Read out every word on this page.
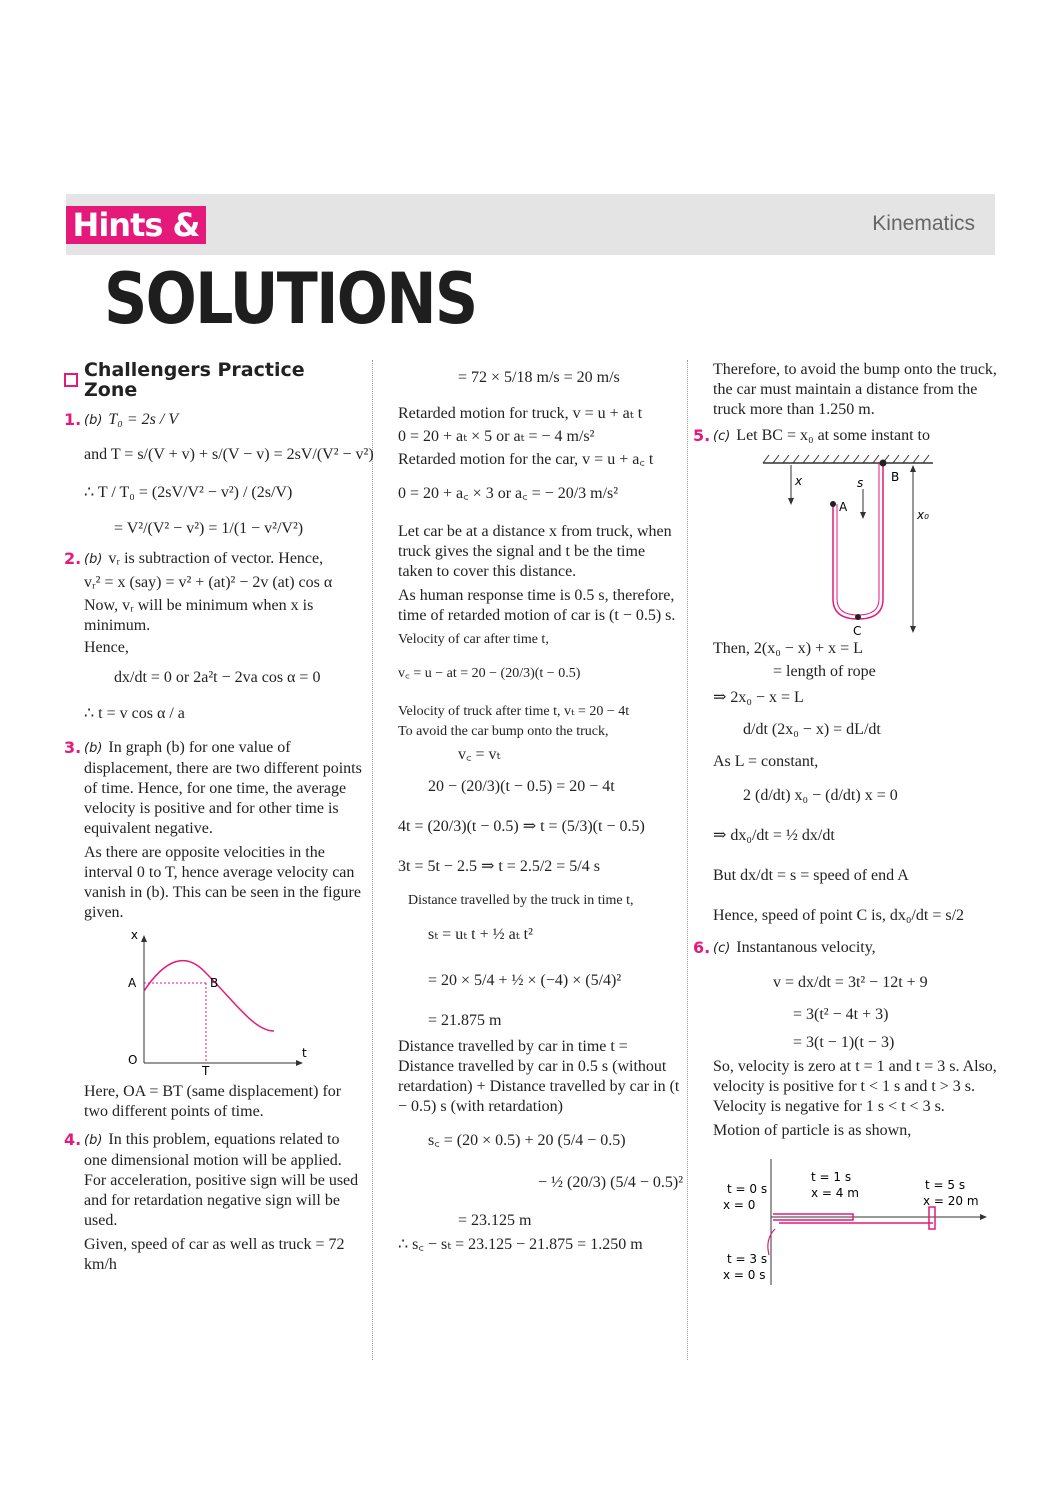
Hints &	Kinematics
SOLUTIONS
Challengers Practice Zone
1. (b) T₀ = 2s / V
and T = s/(V + v) + s/(V − v) = 2sV/(V² − v²)
∴ T / T₀ = (2sV/V² − v²) / (2s/V)
= V²/(V² − v²) = 1/(1 − v²/V²)
2. (b) vᵣ is subtraction of vector. Hence,
vᵣ² = x (say) = v² + (at)² − 2v (at) cos α
Now, vᵣ will be minimum when x is minimum.
Hence,
dx/dt = 0 or 2a²t − 2va cos α = 0
∴ t = v cos α / a
3. (b) In graph (b) for one value of displacement, there are two different points of time. Hence, for one time, the average velocity is positive and for other time is equivalent negative.
As there are opposite velocities in the interval 0 to T, hence average velocity can vanish in (b). This can be seen in the figure given.
x
t
A	B
O
T
Here, OA = BT (same displacement) for two different points of time.
4. (b) In this problem, equations related to one dimensional motion will be applied. For acceleration, positive sign will be used and for retardation negative sign will be used.
Given, speed of car as well as truck = 72 km/h
= 72 × 5/18 m/s = 20 m/s
Retarded motion for truck, v = u + aₜ t
0 = 20 + aₜ × 5 or aₜ = − 4 m/s²
Retarded motion for the car, v = u + a꜀ t
0 = 20 + a꜀ × 3 or a꜀ = − 20/3 m/s²
Let car be at a distance x from truck, when truck gives the signal and t be the time taken to cover this distance.
As human response time is 0.5 s, therefore, time of retarded motion of car is (t − 0.5) s.
Velocity of car after time t,
v꜀ = u − at = 20 − (20/3)(t − 0.5)
Velocity of truck after time t, vₜ = 20 − 4t
To avoid the car bump onto the truck,
v꜀ = vₜ
20 − (20/3)(t − 0.5) = 20 − 4t
4t = (20/3)(t − 0.5) ⇒ t = (5/3)(t − 0.5)
3t = 5t − 2.5 ⇒ t = 2.5/2 = 5/4 s
Distance travelled by the truck in time t,
sₜ = uₜ t + ½ aₜ t²
= 20 × 5/4 + ½ × (−4) × (5/4)²
= 21.875 m
Distance travelled by car in time t = Distance travelled by car in 0.5 s (without retardation) + Distance travelled by car in (t − 0.5) s (with retardation)
s꜀ = (20 × 0.5) + 20 (5/4 − 0.5)
− ½ (20/3) (5/4 − 0.5)²
= 23.125 m
∴ s꜀ − sₜ = 23.125 − 21.875 = 1.250 m
Therefore, to avoid the bump onto the truck, the car must maintain a distance from the truck more than 1.250 m.
5. (c) Let BC = x₀ at some instant to
B
A
C
x	s
x₀
Then, 2(x₀ − x) + x = L
= length of rope
⇒ 2x₀ − x = L
d/dt (2x₀ − x) = dL/dt
As L = constant,
2 (d/dt) x₀ − (d/dt) x = 0
⇒ dx₀/dt = ½ dx/dt
But dx/dt = s = speed of end A
Hence, speed of point C is, dx₀/dt = s/2
6. (c) Instantanous velocity,
v = dx/dt = 3t² − 12t + 9
= 3(t² − 4t + 3)
= 3(t − 1)(t − 3)
So, velocity is zero at t = 1 and t = 3 s. Also, velocity is positive for t < 1 s and t > 3 s. Velocity is negative for 1 s < t < 3 s.
Motion of particle is as shown,
t = 0 s
x = 0
t = 1 s
x = 4 m
t = 5 s
x = 20 m
t = 3 s
x = 0 s
